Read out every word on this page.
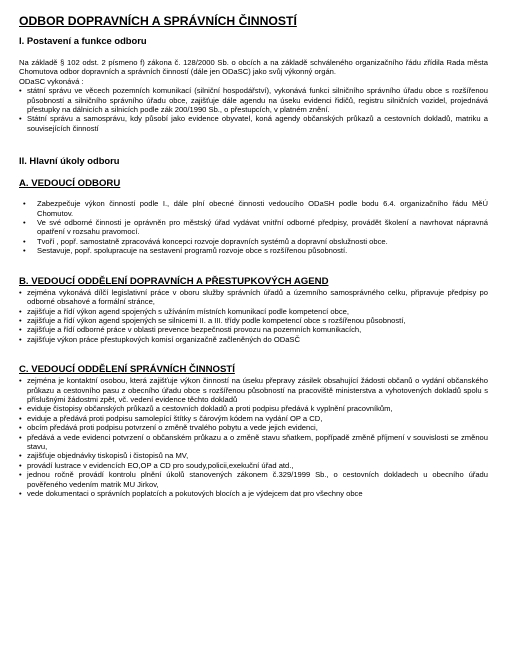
ODBOR DOPRAVNÍCH A SPRÁVNÍCH ČINNOSTÍ
I. Postavení a funkce odboru

Na základě § 102 odst. 2 písmeno f) zákona č. 128/2000 Sb. o obcích a na základě schváleného organizačního řádu zřídila Rada města Chomutova odbor dopravních a správních činností (dále jen ODaSC) jako svůj výkonný orgán.

ODaSC vykonává :

• státní správu ve věcech pozemních komunikací (silniční hospodářství), vykonává funkci silničního správního úřadu obce s rozšířenou působností a silničního správního úřadu obce, zajišťuje dále agendu na úseku evidenci řidičů, registru silničních vozidel, projednává přestupky na dálnicích a silnicích podle zák 200/1990 Sb., o přestupcích, v platném znění.
• Státní správu a samosprávu, kdy působí jako evidence obyvatel, koná agendy občanských průkazů a cestovních dokladů, matriku a souvisejících činností
II. Hlavní úkoly odboru
A. VEDOUCÍ ODBORU
• Zabezpečuje výkon činností podle I., dále plní obecné činnosti vedoucího ODaSH podle bodu 6.4. organizačního řádu MěÚ Chomutov.
• Ve své odborné činnosti je oprávněn pro městský úřad vydávat vnitřní odborné předpisy, provádět školení a navrhovat nápravná opatření v rozsahu pravomocí.
• Tvoří , popř. samostatně zpracovává koncepci rozvoje dopravních systémů a dopravní obslužnosti obce.
• Sestavuje, popř. spolupracuje na sestavení programů rozvoje obce s rozšířenou působností.
B. VEDOUCÍ ODDĚLENÍ DOPRAVNÍCH A PŘESTUPKOVÝCH AGEND
• zejména vykonává dílčí legislativní práce v oboru služby správních úřadů a územního samosprávného celku, připravuje předpisy po odborné obsahové a formální stránce,
• zajišťuje a řídí výkon agend spojených s užíváním místních komunikací podle kompetencí obce,
• zajišťuje a řídí výkon agend spojených se silnicemi II. a III. třídy podle kompetencí obce s rozšířenou působností,
• zajišťuje a řídí odborné práce v oblasti prevence bezpečnosti provozu na pozemních komunikacích,
• zajišťuje výkon práce přestupkových komisí organizačně začleněných do ODaSČ
C. VEDOUCÍ ODDĚLENÍ SPRÁVNÍCH ČINNOSTÍ
• zejména je kontaktní osobou, která zajišťuje výkon činností na úseku přepravy zásilek obsahující žádosti občanů o vydání občanského průkazu a cestovního pasu z obecního úřadu obce s rozšířenou působností na pracoviště ministerstva a vyhotovených dokladů spolu s příslušnými žádostmi zpět, vč. vedení evidence těchto dokladů
• eviduje čistopisy občanských průkazů a cestovních dokladů a proti podpisu předává k vyplnění pracovníkům,
• eviduje a předává proti podpisu samolepící štítky s čárovým kódem na vydání OP a CD,
• obcím předává proti podpisu potvrzení o změně trvalého pobytu a vede jejich evidenci,
• předává a vede evidenci potvrzení o občanském průkazu a o změně stavu sňatkem, popřípadě změně příjmení v souvislosti se změnou stavu,
• zajišťuje objednávky tiskopisů i čistopisů na MV,
• provádí lustrace v evidencích EO,OP a CD pro soudy,policii,exekuční úřad atd.,
• jednou ročně provádí kontrolu plnění úkolů stanovených zákonem č.329/1999 Sb., o cestovních dokladech u obecního úřadu pověřeného vedením matrik MU Jirkov,
• vede dokumentaci o správních poplatcích a pokutových blocích a je výdejcem dat pro všechny obce
